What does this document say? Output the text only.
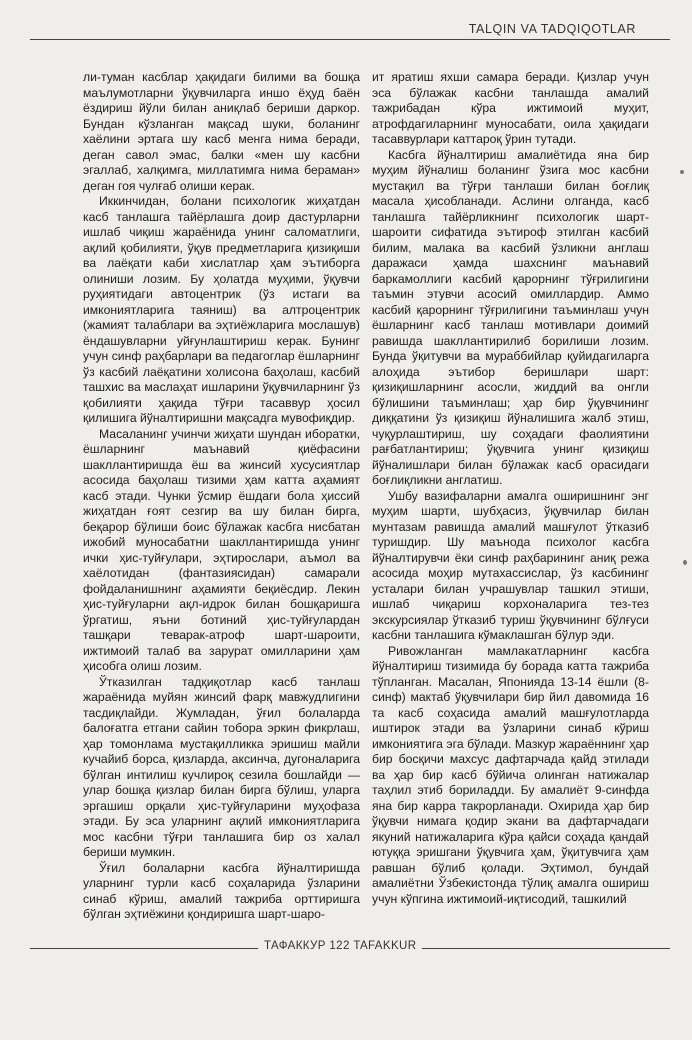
TALQIN VA TADQIQOTLAR

ли-туман касблар ҳақидаги билими ва бошқа маълумотларни ўқувчиларга иншо ёҳуд баён ёздириш йўли билан аниқлаб бериши даркор. Бундан кўзланган мақсад шуки, боланинг хаёлини эртага шу касб менга нима беради, деган савол эмас, балки «мен шу касбни эгаллаб, халқимга, миллатимга нима бераман» деган гоя чулғаб олиши керак.

Иккинчидан, болани психологик жиҳатдан касб танлашга тайёрлашга доир дастурларни ишлаб чиқиш жараёнида унинг саломатлиги, ақлий қобилияти, ўқув предметларига қизиқиши ва лаёқати каби хислатлар ҳам эътиборга олиниши лозим. Бу ҳолатда муҳими, ўқувчи руҳиятидаги автоцентрик (ўз истаги ва имкониятларига таяниш) ва алтроцентрик (жамият талаблари ва эҳтиёжларига мослашув) ёндашувларни уйғунлаштириш керак. Бунинг учун синф раҳбарлари ва педагоглар ёшларнинг ўз касбий лаёқатини холисона баҳолаш, касбий ташхис ва маслаҳат ишларини ўқувчиларнинг ўз қобилияти ҳақида тўғри тасаввур ҳосил қилишига йўналтиришни мақсадга мувофиқдир.

Масаланинг учинчи жиҳати шундан иборатки, ёшларнинг маънавий қиёфасини шакллантиришда ёш ва жинсий хусусиятлар асосида баҳолаш тизими ҳам катта аҳамият касб этади. Чунки ўсмир ёшдаги бола ҳиссий жиҳатдан ғоят сезгир ва шу билан бирга, беқарор бўлиши боис бўлажак касбга нисбатан ижобий муносабатни шакллантиришда унинг ички ҳис-туйғулари, эҳтирослари, аъмол ва хаёлотидан (фантазиясидан) самарали фойдаланишнинг аҳамияти беқиёсдир. Лекин ҳис-туйғуларни ақл-идрок билан бошқаришга ўргатиш, яъни ботиний ҳис-туйғулардан ташқари теварак-атроф шарт-шароити, ижтимоий талаб ва зарурат омилларини ҳам ҳисобга олиш лозим.

Ўтказилган тадқиқотлар касб танлаш жараёнида муйян жинсий фарқ мавжудлигини тасдиқлайди. Жумладан, ўғил болаларда балоғатга етгани сайин тобора эркин фикрлаш, ҳар томонлама мустақилликка эришиш майли кучайиб борса, қизларда, аксинча, дугоналарига бўлган интилиш кучлироқ сезила бошлайди — улар бошқа қизлар билан бирга бўлиш, уларга эргашиш орқали ҳис-туйғуларини муҳофаза этади. Бу эса уларнинг ақлий имкониятларига мос касбни тўғри танлашига бир оз халал бериши мумкин.

Ўғил болаларни касбга йўналтиришда уларнинг турли касб соҳаларида ўзларини синаб кўриш, амалий тажриба орттиришга бўлган эҳтиёжини қондиришга шарт-шаро-

ит яратиш яхши самара беради. Қизлар учун эса бўлажак касбни танлашда амалий тажрибадан кўра ижтимоий муҳит, атрофдагиларнинг муносабати, оила ҳақидаги тасаввурлари каттароқ ўрин тутади.

Касбга йўналтириш амалиётида яна бир муҳим йўналиш боланинг ўзига мос касбни мустақил ва тўғри танлаши билан боғлиқ масала ҳисобланади. Аслини олганда, касб танлашга тайёрликнинг психологик шарт-шароити сифатида эътироф этилган касбий билим, малака ва касбий ўзликни англаш даражаси ҳамда шахснинг маънавий баркамоллиги касбий қарорнинг тўғрилигини таъмин этувчи асосий омиллардир. Аммо касбий қарорнинг тўғрилигини таъминлаш учун ёшларнинг касб танлаш мотивлари доимий равишда шакллантирилиб борилиши лозим. Бунда ўқитувчи ва мураббийлар қуйидагиларга алоҳида эътибор беришлари шарт: қизиқишларнинг асосли, жиддий ва онгли бўлишини таъминлаш; ҳар бир ўқувчининг диққатини ўз қизиқиш йўналишига жалб этиш, чуқурлаштириш, шу соҳадаги фаолиятини рағбатлантириш; ўқувчига унинг қизиқиш йўналишлари билан бўлажак касб орасидаги боғлиқликни англатиш.

Ушбу вазифаларни амалга оширишнинг энг муҳим шарти, шубҳасиз, ўқувчилар билан мунтазам равишда амалий машғулот ўтказиб туришдир. Шу маънода психолог касбга йўналтирувчи ёки синф раҳбарининг аниқ режа асосида моҳир мутахассислар, ўз касбининг усталари билан учрашувлар ташкил этиши, ишлаб чиқариш корхоналарига тез-тез экскурсиялар ўтказиб туриш ўқувчининг бўлғуси касбни танлашига кўмаклашган бўлур эди.

Ривожланган мамлакатларнинг касбга йўналтириш тизимида бу борада катта тажриба тўпланган. Масалан, Японияда 13-14 ёшли (8-синф) мактаб ўқувчилари бир йил давомида 16 та касб соҳасида амалий машғулотларда иштирок этади ва ўзларини синаб кўриш имкониятига эга бўлади. Мазкур жараённинг ҳар бир босқичи махсус дафтарчада қайд этилади ва ҳар бир касб бўйича олинган натижалар таҳлил этиб бориладди. Бу амалиёт 9-синфда яна бир карра такрорланади. Охирида ҳар бир ўқувчи нимага қодир экани ва дафтарчадаги якуний натижаларига кўра қайси соҳада қандай ютуққа эришгани ўқувчига ҳам, ўқитувчига ҳам равшан бўлиб қолади. Эҳтимол, бундай амалиётни Ўзбекистонда тўлиқ амалга ошириш учун кўпгина ижтимоий-иқтисодий, ташкилий

ТАФАККУР 122 TAFAKKUR
